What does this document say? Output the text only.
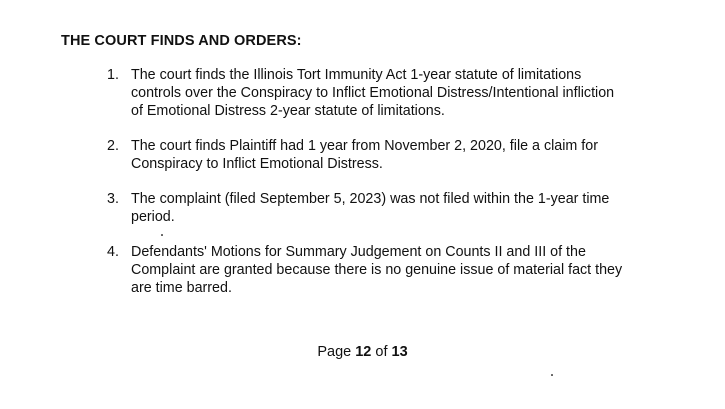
THE COURT FINDS AND ORDERS:
1. The court finds the Illinois Tort Immunity Act 1-year statute of limitations
controls over the Conspiracy to Inflict Emotional Distress/Intentional infliction
of Emotional Distress 2-year statute of limitations.
2. The court finds Plaintiff had 1 year from November 2, 2020, file a claim for
Conspiracy to Inflict Emotional Distress.
3. The complaint (filed September 5, 2023) was not filed within the 1-year time
period.
4. Defendants' Motions for Summary Judgement on Counts II and III of the
Complaint are granted because there is no genuine issue of material fact they
are time barred.
Page 12 of 13
